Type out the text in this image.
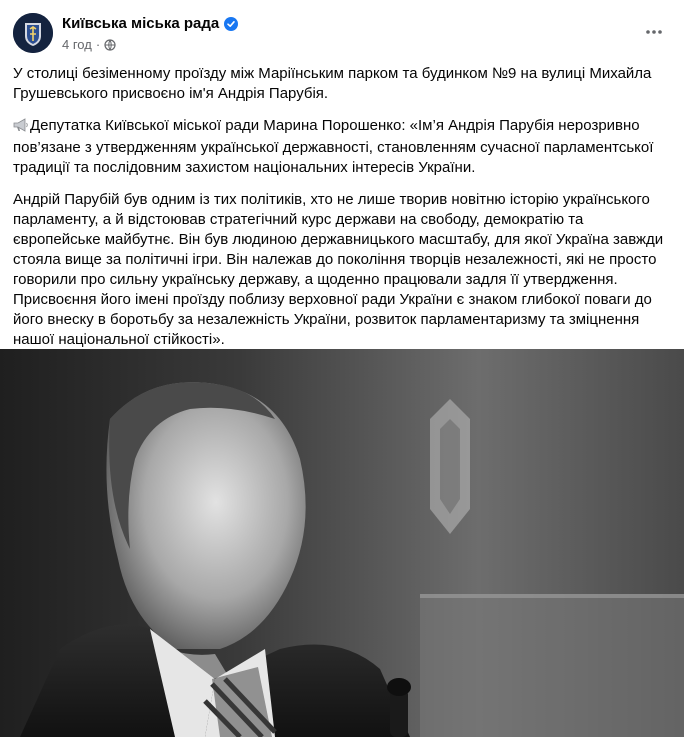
Київська міська рада
4 год ·

У столиці безіменному проїзду між Маріїнським парком та будинком №9 на вулиці Михайла Грушевського присвоєно ім'я Андрія Парубія.

Депутатка Київської міської ради Марина Порошенко: «Ім’я Андрія Парубія нерозривно пов’язане з утвердженням української державності, становленням сучасної парламентської традиції та послідовним захистом національних інтересів України.

Андрій Парубій був одним із тих політиків, хто не лише творив новітню історію українського парламенту, а й відстоював стратегічний курс держави на свободу, демократію та європейське майбутнє. Він був людиною державницького масштабу, для якої Україна завжди стояла вище за політичні ігри. Він належав до покоління творців незалежності, які не просто говорили про сильну українську державу, а щоденно працювали задля її утвердження. Присвоєння його імені проїзду поблизу верховної ради України є знаком глибокої поваги до його внеску в боротьбу за незалежність України, розвиток парламентаризму та зміцнення нашої національної стійкості».
